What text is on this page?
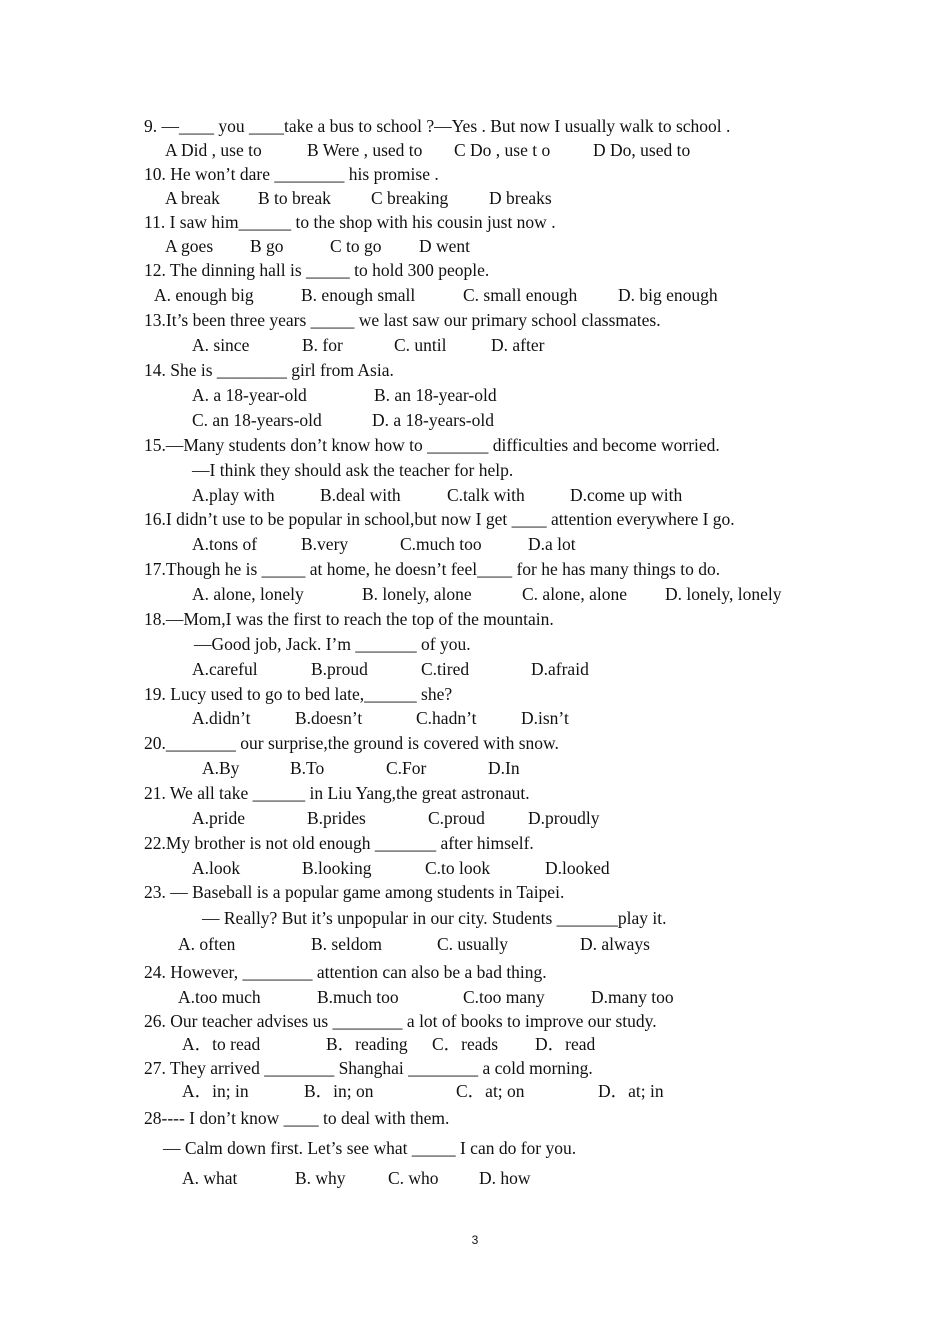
9. —____ you ____take a bus to school ?—Yes . But now I usually walk to school .
A Did , use to	B Were , used to C Do , use t o D Do, used to
10. He won’t dare ________ his promise .
A break B to break C breaking D breaks
11. I saw him______ to the shop with his cousin just now .
A goes B go	C to go D went
12. The dinning hall is _____ to hold 300 people.
A. enough big	B. enough small	C. small enough D. big enough
13.It’s been three years _____ we last saw our primary school classmates.
A. since	B. for	C. until	D. after
14. She is ________ girl from Asia.
A. a 18-year-old	B. an 18-year-old
C. an 18-years-old	D. a 18-years-old
15.—Many students don’t know how to _______ difficulties and become worried.
—I think they should ask the teacher for help.
A.play with	B.deal with	C.talk with	D.come up with
16.I didn’t use to be popular in school,but now I get ____ attention everywhere I go.
A.tons of	B.very	C.much too	D.a lot
17.Though he is _____ at home, he doesn’t feel____ for he has many things to do.
A. alone, lonely	B. lonely, alone	C. alone, alone D. lonely, lonely
18.—Mom,I was the first to reach the top of the mountain.
—Good job, Jack. I’m _______ of you.
A.careful	B.proud	C.tired	D.afraid
19. Lucy used to go to bed late,______ she?
A.didn’t	B.doesn’t	C.hadn’t	D.isn’t
20.________ our surprise,the ground is covered with snow.
A.By	B.To	C.For	D.In
21. We all take ______ in Liu Yang,the great astronaut.
A.pride	B.prides	C.proud D.proudly
22.My brother is not old enough _______ after himself.
A.look	B.looking	C.to look	D.looked
23. — Baseball is a popular game among students in Taipei.
— Really? But it’s unpopular in our city. Students _______play it.
A. often	B. seldom	C. usually	D. always
24. However, ________ attention can also be a bad thing.
A.too much	B.much too	C.too many	D.many too
26. Our teacher advises us ________ a lot of books to improve our study.
A．to read	B．reading C．reads D．read
27. They arrived ________ Shanghai ________ a cold morning.
A．in; in	B．in; on	C．at; on	D．at; in
28---- I don’t know ____ to deal with them.
— Calm down first. Let’s see what _____ I can do for you.
A. what	B. why C. who D. how
3
